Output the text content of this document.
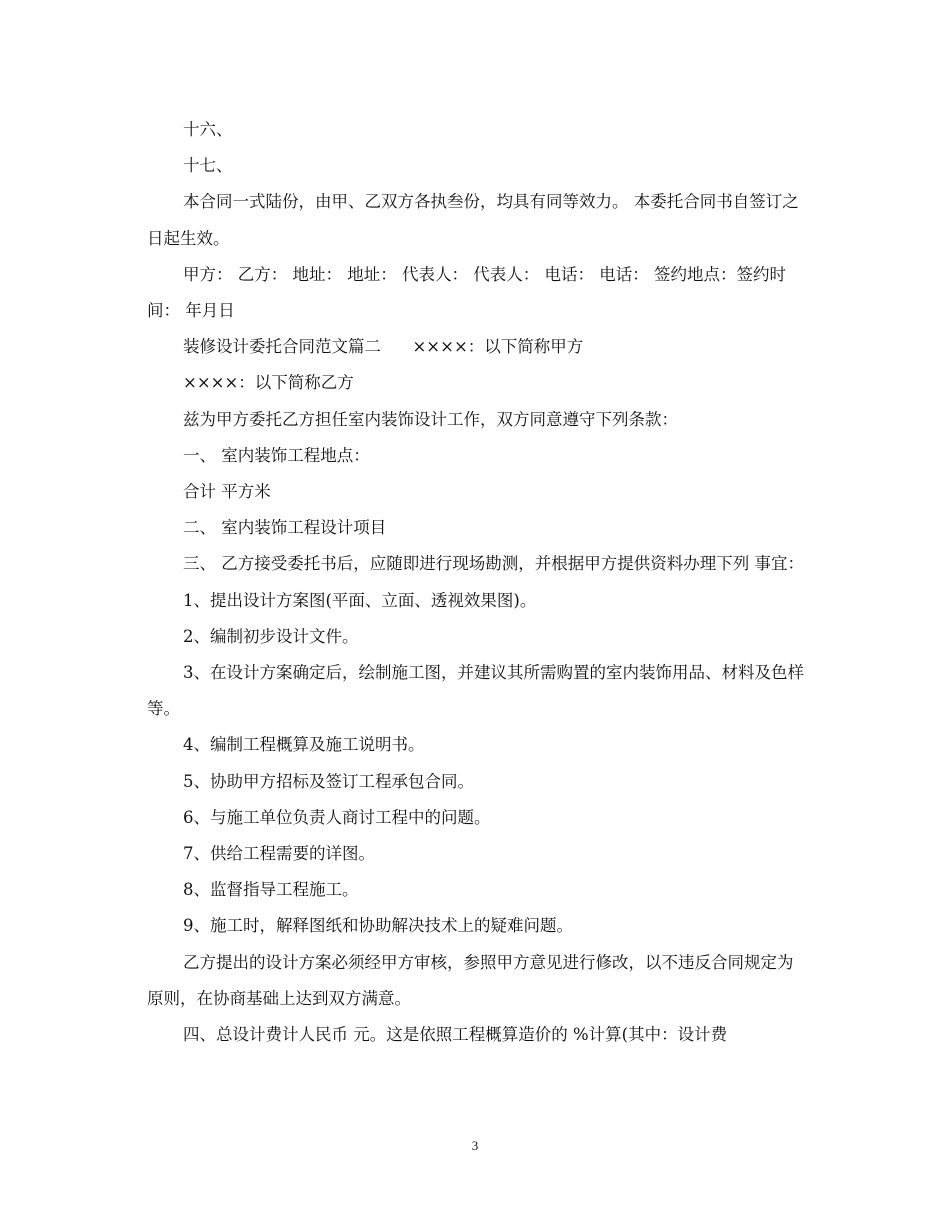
十六、

十七、

本合同一式陆份，由甲、乙双方各执叁份，均具有同等效力。 本委托合同书自签订之日起生效。

甲方： 乙方： 地址： 地址： 代表人： 代表人： 电话： 电话： 签约地点：签约时间： 年月日

装修设计委托合同范文篇二      ××××：以下简称甲方

××××：以下简称乙方

兹为甲方委托乙方担任室内装饰设计工作，双方同意遵守下列条款：

一、 室内装饰工程地点：

合计 平方米

二、 室内装饰工程设计项目

三、 乙方接受委托书后，应随即进行现场勘测，并根据甲方提供资料办理下列 事宜：

1、提出设计方案图(平面、立面、透视效果图)。

2、编制初步设计文件。

3、在设计方案确定后，绘制施工图，并建议其所需购置的室内装饰用品、材料及色样等。

4、编制工程概算及施工说明书。

5、协助甲方招标及签订工程承包合同。

6、与施工单位负责人商讨工程中的问题。

7、供给工程需要的详图。

8、监督指导工程施工。

9、施工时，解释图纸和协助解决技术上的疑难问题。

乙方提出的设计方案必须经甲方审核，参照甲方意见进行修改，以不违反合同规定为原则，在协商基础上达到双方满意。

四、总设计费计人民币 元。这是依照工程概算造价的 %计算(其中：设计费

3
